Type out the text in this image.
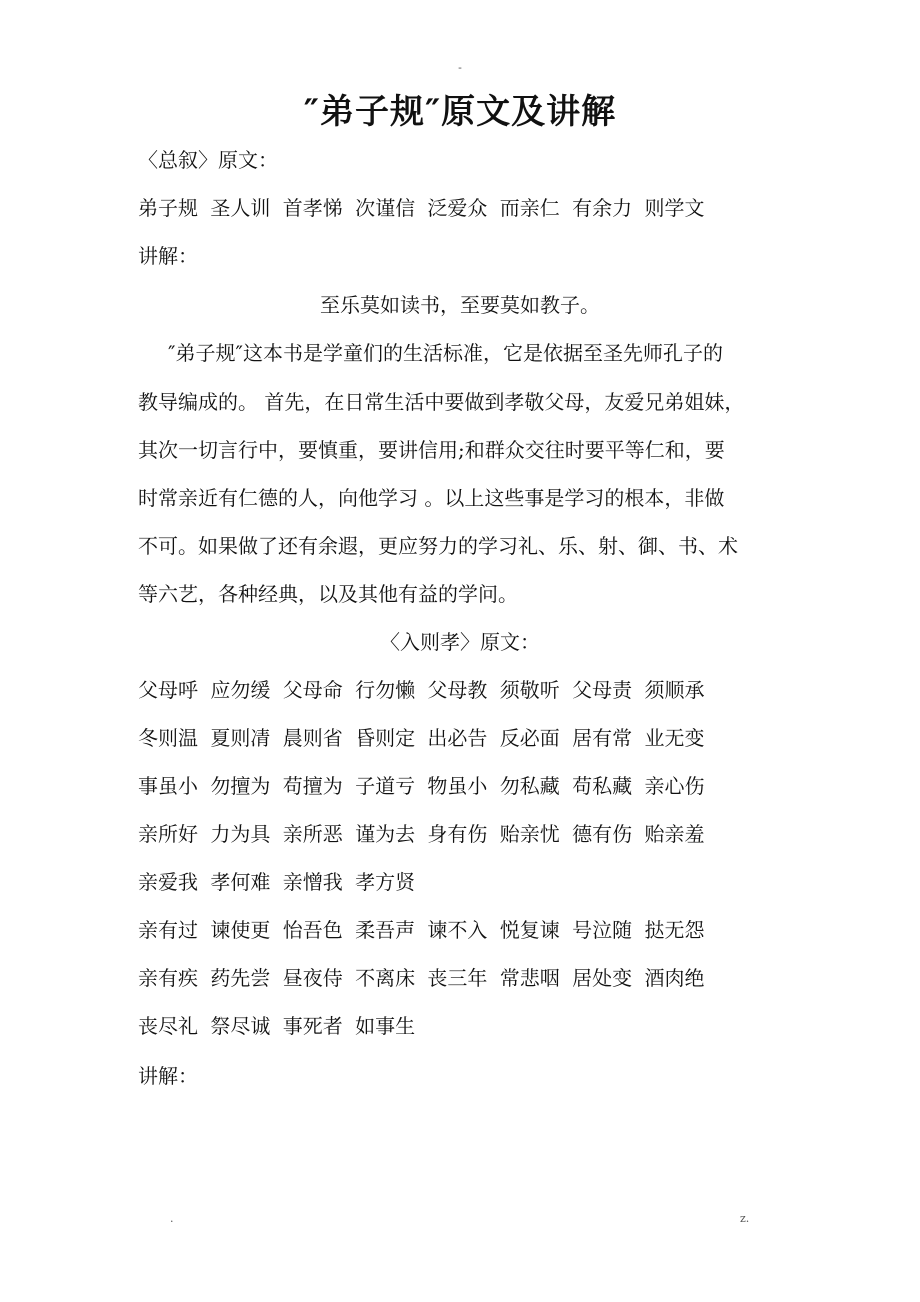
-
″弟子规″原文及讲解
〈总叙〉原文：
弟子规 圣人训 首孝悌 次谨信 泛爱众 而亲仁 有余力 则学文
讲解：
至乐莫如读书，至要莫如教子。
″弟子规″这本书是学童们的生活标准，它是依据至圣先师孔子的
教导编成的。 首先，在日常生活中要做到孝敬父母，友爱兄弟姐妹，
其次一切言行中，要慎重，要讲信用;和群众交往时要平等仁和，要
时常亲近有仁德的人，向他学习 。以上这些事是学习的根本，非做
不可。如果做了还有余遐，更应努力的学习礼、乐、射、御、书、术
等六艺，各种经典，以及其他有益的学问。
〈入则孝〉原文：
父母呼 应勿缓 父母命 行勿懒 父母教 须敬听 父母责 须顺承
冬则温 夏则凊 晨则省 昏则定 出必告 反必面 居有常 业无变
事虽小 勿擅为 苟擅为 子道亏 物虽小 勿私藏 苟私藏 亲心伤
亲所好 力为具 亲所恶 谨为去 身有伤 贻亲忧 德有伤 贻亲羞
亲爱我 孝何难 亲憎我 孝方贤
亲有过 谏使更 怡吾色 柔吾声 谏不入 悦复谏 号泣随 挞无怨
亲有疾 药先尝 昼夜侍 不离床 丧三年 常悲咽 居处变 酒肉绝
丧尽礼 祭尽诚 事死者 如事生
讲解：
.	z.
